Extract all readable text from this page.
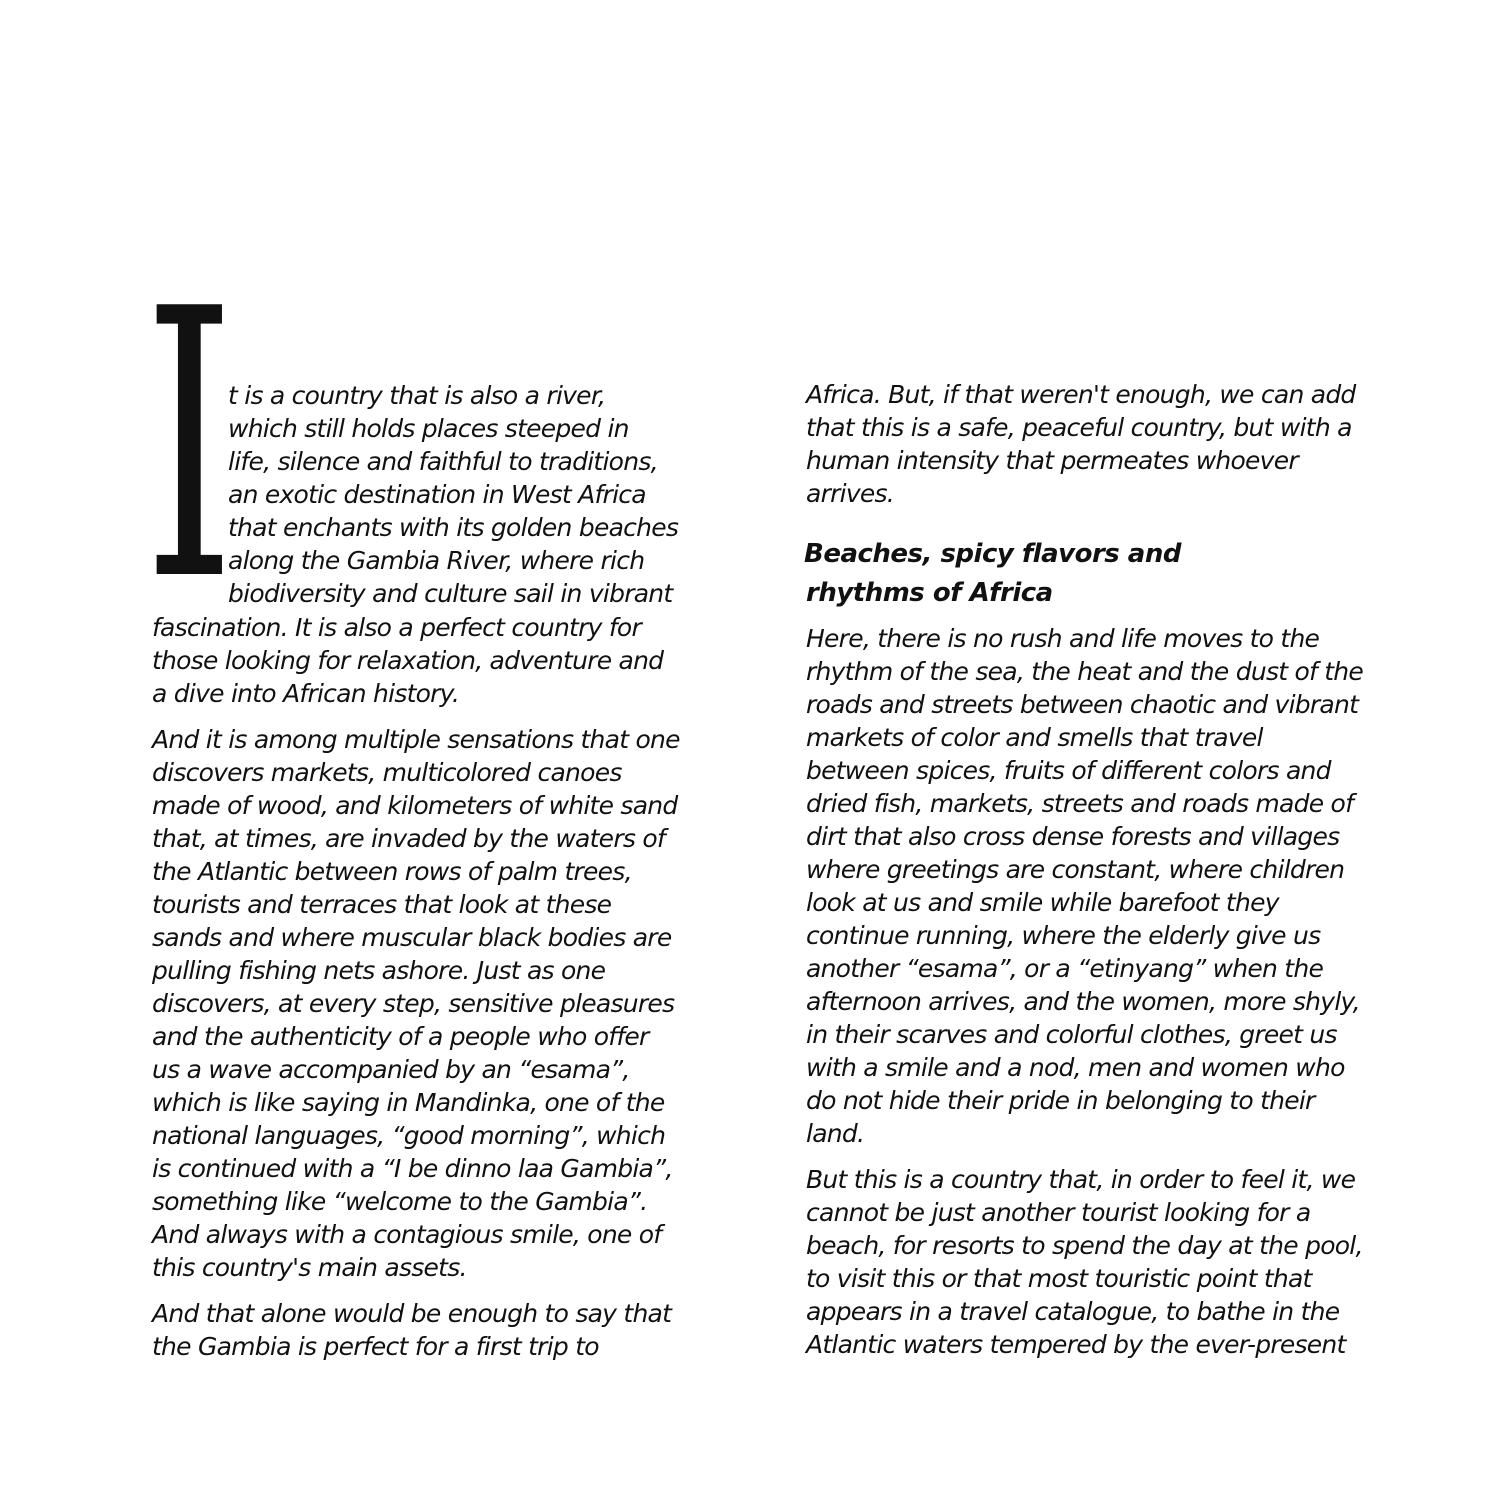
I
t is a country that is also a river,
which still holds places steeped in
life, silence and faithful to traditions,
an exotic destination in West Africa
that enchants with its golden beaches
along the Gambia River, where rich
biodiversity and culture sail in vibrant
fascination. It is also a perfect country for
those looking for relaxation, adventure and
a dive into African history.
And it is among multiple sensations that one
discovers markets, multicolored canoes
made of wood, and kilometers of white sand
that, at times, are invaded by the waters of
the Atlantic between rows of palm trees,
tourists and terraces that look at these
sands and where muscular black bodies are
pulling fishing nets ashore. Just as one
discovers, at every step, sensitive pleasures
and the authenticity of a people who offer
us a wave accompanied by an “esama”,
which is like saying in Mandinka, one of the
national languages, “good morning”, which
is continued with a “I be dinno laa Gambia”,
something like “welcome to the Gambia”.
And always with a contagious smile, one of
this country's main assets.
And that alone would be enough to say that
the Gambia is perfect for a first trip to
Africa. But, if that weren't enough, we can add
that this is a safe, peaceful country, but with a
human intensity that permeates whoever
arrives.
Beaches, spicy flavors and
rhythms of Africa
Here, there is no rush and life moves to the
rhythm of the sea, the heat and the dust of the
roads and streets between chaotic and vibrant
markets of color and smells that travel
between spices, fruits of different colors and
dried fish, markets, streets and roads made of
dirt that also cross dense forests and villages
where greetings are constant, where children
look at us and smile while barefoot they
continue running, where the elderly give us
another “esama”, or a “etinyang” when the
afternoon arrives, and the women, more shyly,
in their scarves and colorful clothes, greet us
with a smile and a nod, men and women who
do not hide their pride in belonging to their
land.
But this is a country that, in order to feel it, we
cannot be just another tourist looking for a
beach, for resorts to spend the day at the pool,
to visit this or that most touristic point that
appears in a travel catalogue, to bathe in the
Atlantic waters tempered by the ever-present
